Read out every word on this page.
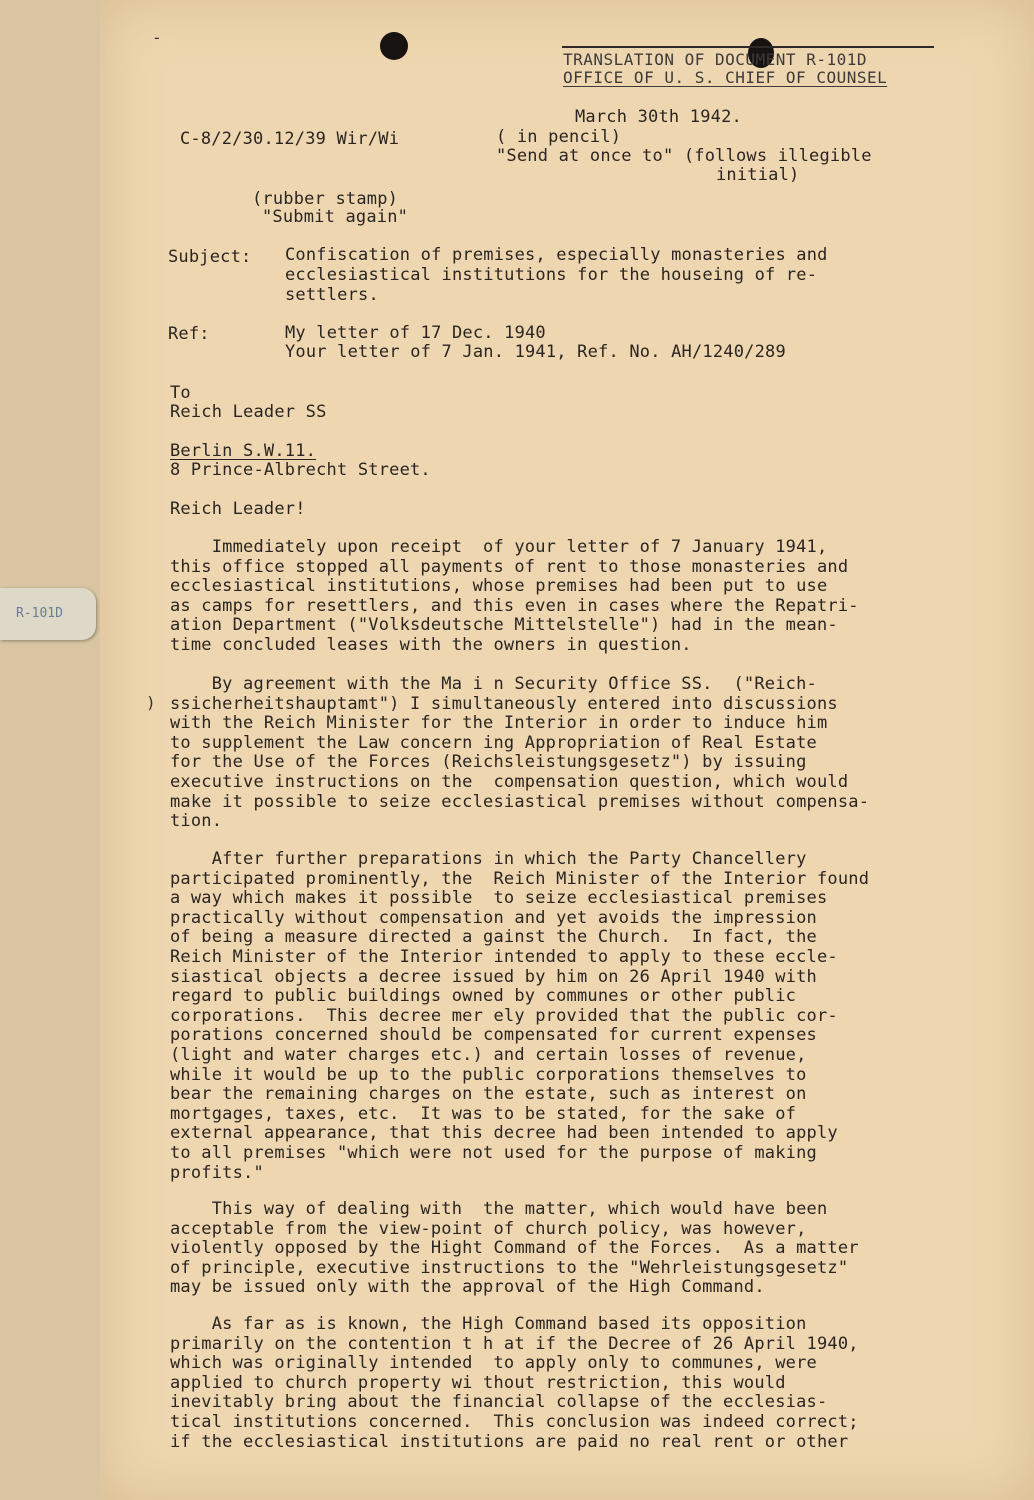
R-101D
TRANSLATION OF DOCUMENT R-101D
OFFICE OF U. S. CHIEF OF COUNSEL
March 30th 1942.
C-8/2/30.12/39 Wir/Wi	( in pencil)
"Send at once to" (follows illegible
initial)
(rubber stamp)
"Submit again"
Subject: Confiscation of premises, especially monasteries and
ecclesiastical institutions for the houseing of re-
settlers.
Ref:	My letter of 17 Dec. 1940
Your letter of 7 Jan. 1941, Ref. No. AH/1240/289
To
Reich Leader SS
Berlin S.W.11.
8 Prince-Albrecht Street.
Reich Leader!
Immediately upon receipt  of your letter of 7 January 1941,
this office stopped all payments of rent to those monasteries and
ecclesiastical institutions, whose premises had been put to use
as camps for resettlers, and this even in cases where the Repatri-
ation Department ("Volksdeutsche Mittelstelle") had in the mean-
time concluded leases with the owners in question.
By agreement with the Ma i n Security Office SS.  ("Reich-
ssicherheitshauptamt") I simultaneously entered into discussions
with the Reich Minister for the Interior in order to induce him
to supplement the Law concern ing Appropriation of Real Estate
for the Use of the Forces (Reichsleistungsgesetz") by issuing
executive instructions on the  compensation question, which would
make it possible to seize ecclesiastical premises without compensa-
tion.
After further preparations in which the Party Chancellery
participated prominently, the  Reich Minister of the Interior found
a way which makes it possible  to seize ecclesiastical premises
practically without compensation and yet avoids the impression
of being a measure directed a gainst the Church.  In fact, the
Reich Minister of the Interior intended to apply to these eccle-
siastical objects a decree issued by him on 26 April 1940 with
regard to public buildings owned by communes or other public
corporations.  This decree mer ely provided that the public cor-
porations concerned should be compensated for current expenses
(light and water charges etc.) and certain losses of revenue,
while it would be up to the public corporations themselves to
bear the remaining charges on the estate, such as interest on
mortgages, taxes, etc.  It was to be stated, for the sake of
external appearance, that this decree had been intended to apply
to all premises "which were not used for the purpose of making
profits."
This way of dealing with  the matter, which would have been
acceptable from the view-point of church policy, was however,
violently opposed by the Hight Command of the Forces.  As a matter
of principle, executive instructions to the "Wehrleistungsgesetz"
may be issued only with the approval of the High Command.
As far as is known, the High Command based its opposition
primarily on the contention t h at if the Decree of 26 April 1940,
which was originally intended  to apply only to communes, were
applied to church property wi thout restriction, this would
inevitably bring about the financial collapse of the ecclesias-
tical institutions concerned.  This conclusion was indeed correct;
if the ecclesiastical institutions are paid no real rent or other
)
-
